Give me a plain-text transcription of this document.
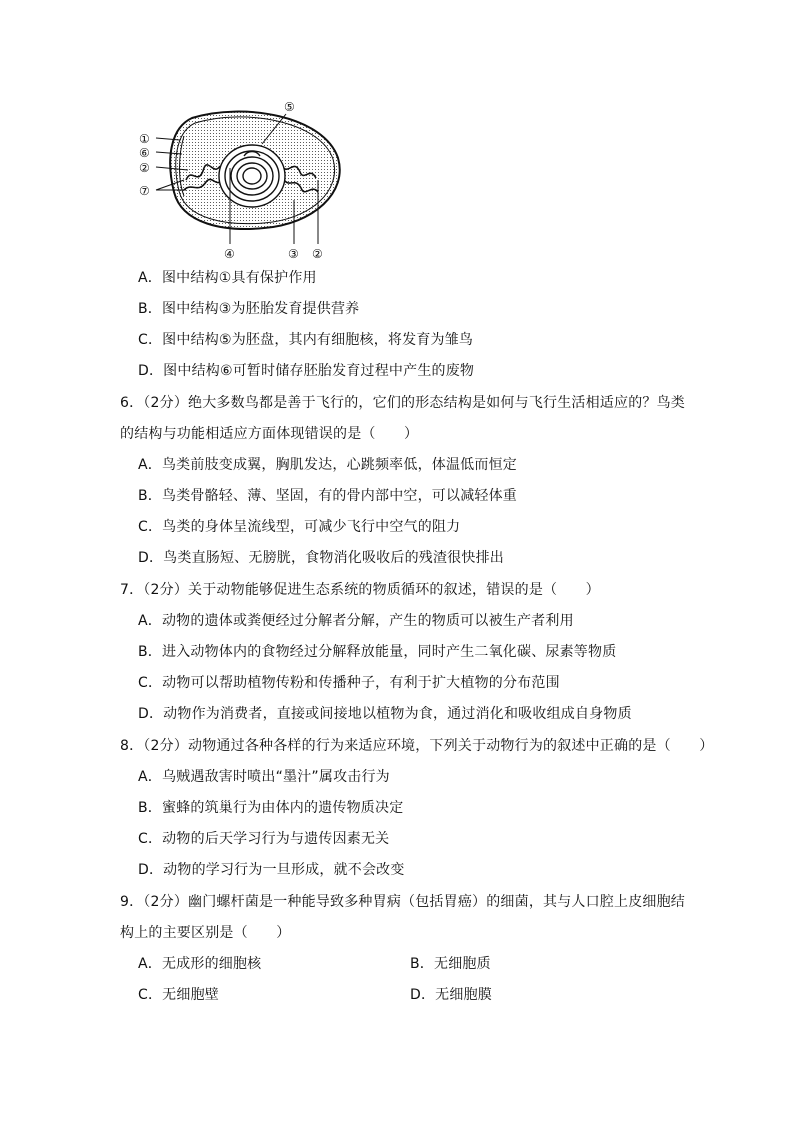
⑤
①
⑥
②
⑦
④	③ ②
A．图中结构①具有保护作用
B．图中结构③为胚胎发育提供营养
C．图中结构⑤为胚盘，其内有细胞核，将发育为雏鸟
D．图中结构⑥可暂时储存胚胎发育过程中产生的废物
6．（2分）绝大多数鸟都是善于飞行的，它们的形态结构是如何与飞行生活相适应的？鸟类
的结构与功能相适应方面体现错误的是（　　）
A．鸟类前肢变成翼，胸肌发达，心跳频率低，体温低而恒定
B．鸟类骨骼轻、薄、坚固，有的骨内部中空，可以减轻体重
C．鸟类的身体呈流线型，可减少飞行中空气的阻力
D．鸟类直肠短、无膀胱，食物消化吸收后的残渣很快排出
7．（2分）关于动物能够促进生态系统的物质循环的叙述，错误的是（　　）
A．动物的遗体或粪便经过分解者分解，产生的物质可以被生产者利用
B．进入动物体内的食物经过分解释放能量，同时产生二氧化碳、尿素等物质
C．动物可以帮助植物传粉和传播种子，有利于扩大植物的分布范围
D．动物作为消费者，直接或间接地以植物为食，通过消化和吸收组成自身物质
8．（2分）动物通过各种各样的行为来适应环境，下列关于动物行为的叙述中正确的是（　　）
A．乌贼遇敌害时喷出“墨汁”属攻击行为
B．蜜蜂的筑巢行为由体内的遗传物质决定
C．动物的后天学习行为与遗传因素无关
D．动物的学习行为一旦形成，就不会改变
9．（2分）幽门螺杆菌是一种能导致多种胃病（包括胃癌）的细菌，其与人口腔上皮细胞结
构上的主要区别是（　　）
A．无成形的细胞核	B．无细胞质
C．无细胞壁	D．无细胞膜
